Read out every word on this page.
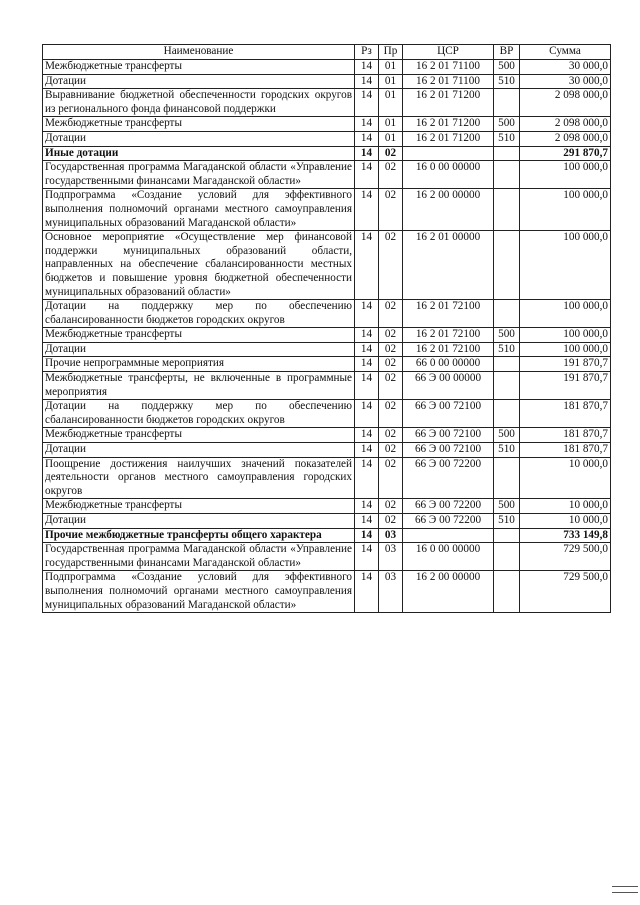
Наименование	Рз	Пр	ЦСР	ВР	Сумма
Межбюджетные трансферты	14	01	16 2 01 71100	500	30 000,0
Дотации	14	01	16 2 01 71100	510	30 000,0
Выравнивание бюджетной обеспеченности городских округов из регионального фонда финансовой поддержки	14	01	16 2 01 71200		2 098 000,0
Межбюджетные трансферты	14	01	16 2 01 71200	500	2 098 000,0
Дотации	14	01	16 2 01 71200	510	2 098 000,0
Иные дотации	14	02			291 870,7
Государственная программа Магаданской области «Управление государственными финансами Магаданской области»	14	02	16 0 00 00000		100 000,0
Подпрограмма «Создание условий для эффективного выполнения полномочий органами местного самоуправления муниципальных образований Магаданской области»	14	02	16 2 00 00000		100 000,0
Основное мероприятие «Осуществление мер финансовой поддержки муниципальных образований области, направленных на обеспечение сбалансированности местных бюджетов и повышение уровня бюджетной обеспеченности муниципальных образований области»	14	02	16 2 01 00000		100 000,0
Дотации на поддержку мер по обеспечению сбалансированности бюджетов городских округов	14	02	16 2 01 72100		100 000,0
Межбюджетные трансферты	14	02	16 2 01 72100	500	100 000,0
Дотации	14	02	16 2 01 72100	510	100 000,0
Прочие непрограммные мероприятия	14	02	66 0 00 00000		191 870,7
Межбюджетные трансферты, не включенные в программные мероприятия	14	02	66 Э 00 00000		191 870,7
Дотации на поддержку мер по обеспечению сбалансированности бюджетов городских округов	14	02	66 Э 00 72100		181 870,7
Межбюджетные трансферты	14	02	66 Э 00 72100	500	181 870,7
Дотации	14	02	66 Э 00 72100	510	181 870,7
Поощрение достижения наилучших значений показателей деятельности органов местного самоуправления городских округов	14	02	66 Э 00 72200		10 000,0
Межбюджетные трансферты	14	02	66 Э 00 72200	500	10 000,0
Дотации	14	02	66 Э 00 72200	510	10 000,0
Прочие межбюджетные трансферты общего характера	14	03			733 149,8
Государственная программа Магаданской области «Управление государственными финансами Магаданской области»	14	03	16 0 00 00000		729 500,0
Подпрограмма «Создание условий для эффективного выполнения полномочий органами местного самоуправления муниципальных образований Магаданской области»	14	03	16 2 00 00000		729 500,0
